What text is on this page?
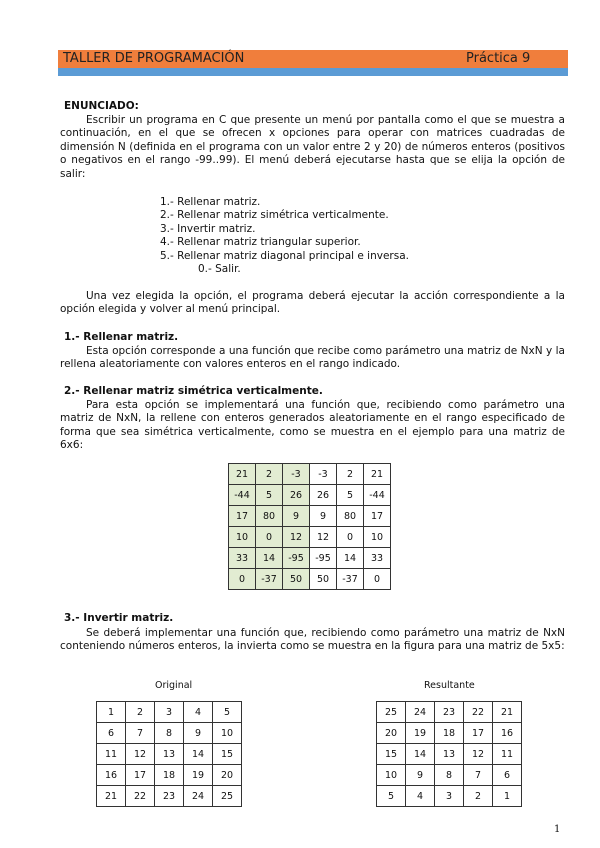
TALLER DE PROGRAMACIÓN	Práctica 9

ENUNCIADO:

Escribir un programa en C que presente un menú por pantalla como el que se muestra a continuación, en el que se ofrecen x opciones para operar con matrices cuadradas de dimensión N (definida en el programa con un valor entre 2 y 20) de números enteros (positivos o negativos en el rango -99..99). El menú deberá ejecutarse hasta que se elija la opción de salir:

1.- Rellenar matriz.
2.- Rellenar matriz simétrica verticalmente.
3.- Invertir matriz.
4.- Rellenar matriz triangular superior.
5.- Rellenar matriz diagonal principal e inversa.
0.- Salir.

Una vez elegida la opción, el programa deberá ejecutar la acción correspondiente a la opción elegida y volver al menú principal.

1.- Rellenar matriz.

Esta opción corresponde a una función que recibe como parámetro una matriz de NxN y la rellena aleatoriamente con valores enteros en el rango indicado.

2.- Rellenar matriz simétrica verticalmente.

Para esta opción se implementará una función que, recibiendo como parámetro una matriz de NxN, la rellene con enteros generados aleatoriamente en el rango especificado de forma que sea simétrica verticalmente, como se muestra en el ejemplo para una matriz de 6x6:

21	2	-3	-3	2	21
-44	5	26	26	5	-44
17	80	9	9	80	17
10	0	12	12	0	10
33	14	-95	-95	14	33
0	-37	50	50	-37	0

3.- Invertir matriz.

Se deberá implementar una función que, recibiendo como parámetro una matriz de NxN conteniendo números enteros, la invierta como se muestra en la figura para una matriz de 5x5:

Original	Resultante
1	2	3	4	5
6	7	8	9	10
11	12	13	14	15
16	17	18	19	20
21	22	23	24	25
25	24	23	22	21
20	19	18	17	16
15	14	13	12	11
10	9	8	7	6
5	4	3	2	1
1
